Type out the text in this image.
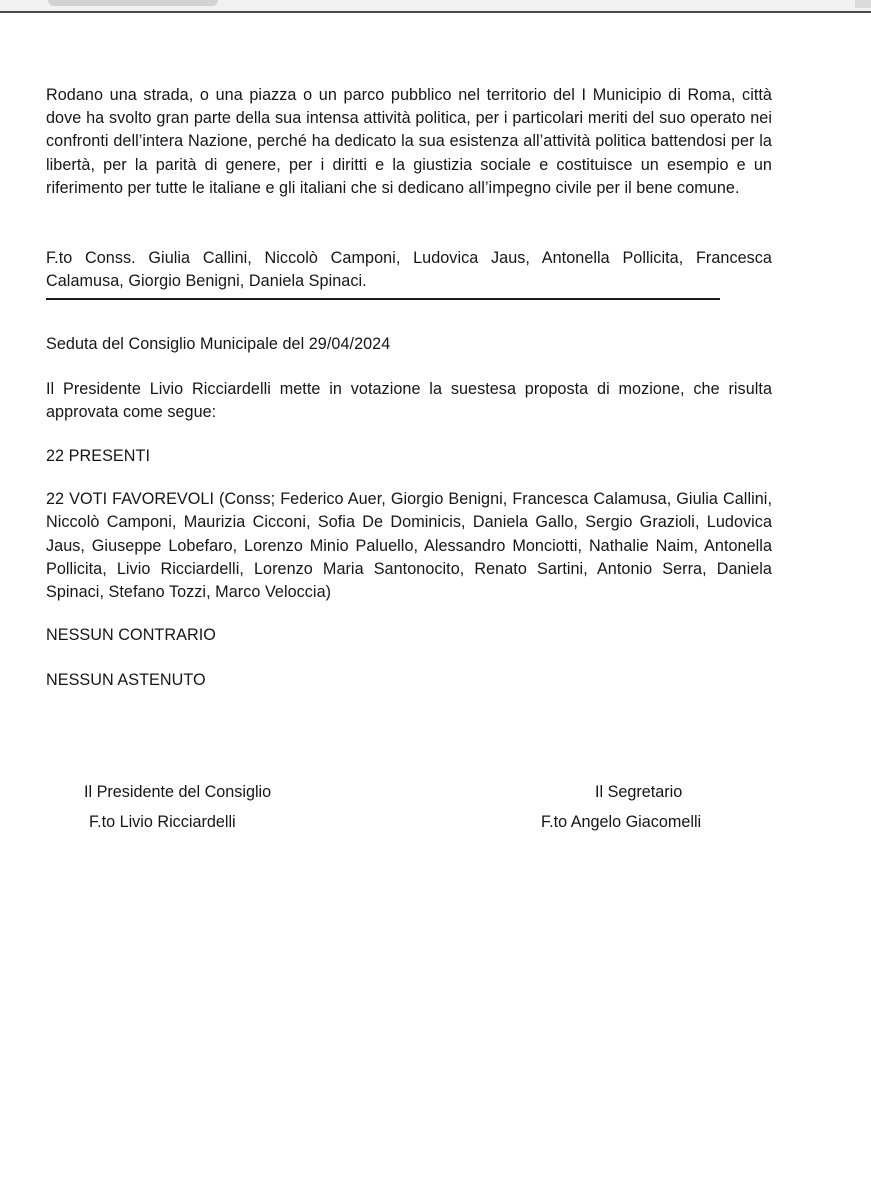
Rodano una strada, o una piazza o un parco pubblico nel territorio del I Municipio di Roma, città dove ha svolto gran parte della sua intensa attività politica, per i particolari meriti del suo operato nei confronti dell’intera Nazione, perché ha dedicato la sua esistenza all’attività politica battendosi per la libertà, per la parità di genere, per i diritti e la giustizia sociale e costituisce un esempio e un riferimento per tutte le italiane e gli italiani che si dedicano all’impegno civile per il bene comune.

F.to Conss. Giulia Callini, Niccolò Camponi, Ludovica Jaus, Antonella Pollicita, Francesca Calamusa, Giorgio Benigni, Daniela Spinaci.

Seduta del Consiglio Municipale del 29/04/2024

Il Presidente Livio Ricciardelli mette in votazione la suestesa proposta di mozione, che risulta approvata come segue:

22 PRESENTI

22 VOTI FAVOREVOLI (Conss; Federico Auer, Giorgio Benigni, Francesca Calamusa, Giulia Callini, Niccolò Camponi, Maurizia Cicconi, Sofia De Dominicis, Daniela Gallo, Sergio Grazioli, Ludovica Jaus, Giuseppe Lobefaro, Lorenzo Minio Paluello, Alessandro Monciotti, Nathalie Naim, Antonella Pollicita, Livio Ricciardelli, Lorenzo Maria Santonocito, Renato Sartini, Antonio Serra, Daniela Spinaci, Stefano Tozzi, Marco Veloccia)

NESSUN CONTRARIO

NESSUN ASTENUTO

Il Presidente del Consiglio
F.to Livio Ricciardelli
Il Segretario
F.to Angelo Giacomelli
